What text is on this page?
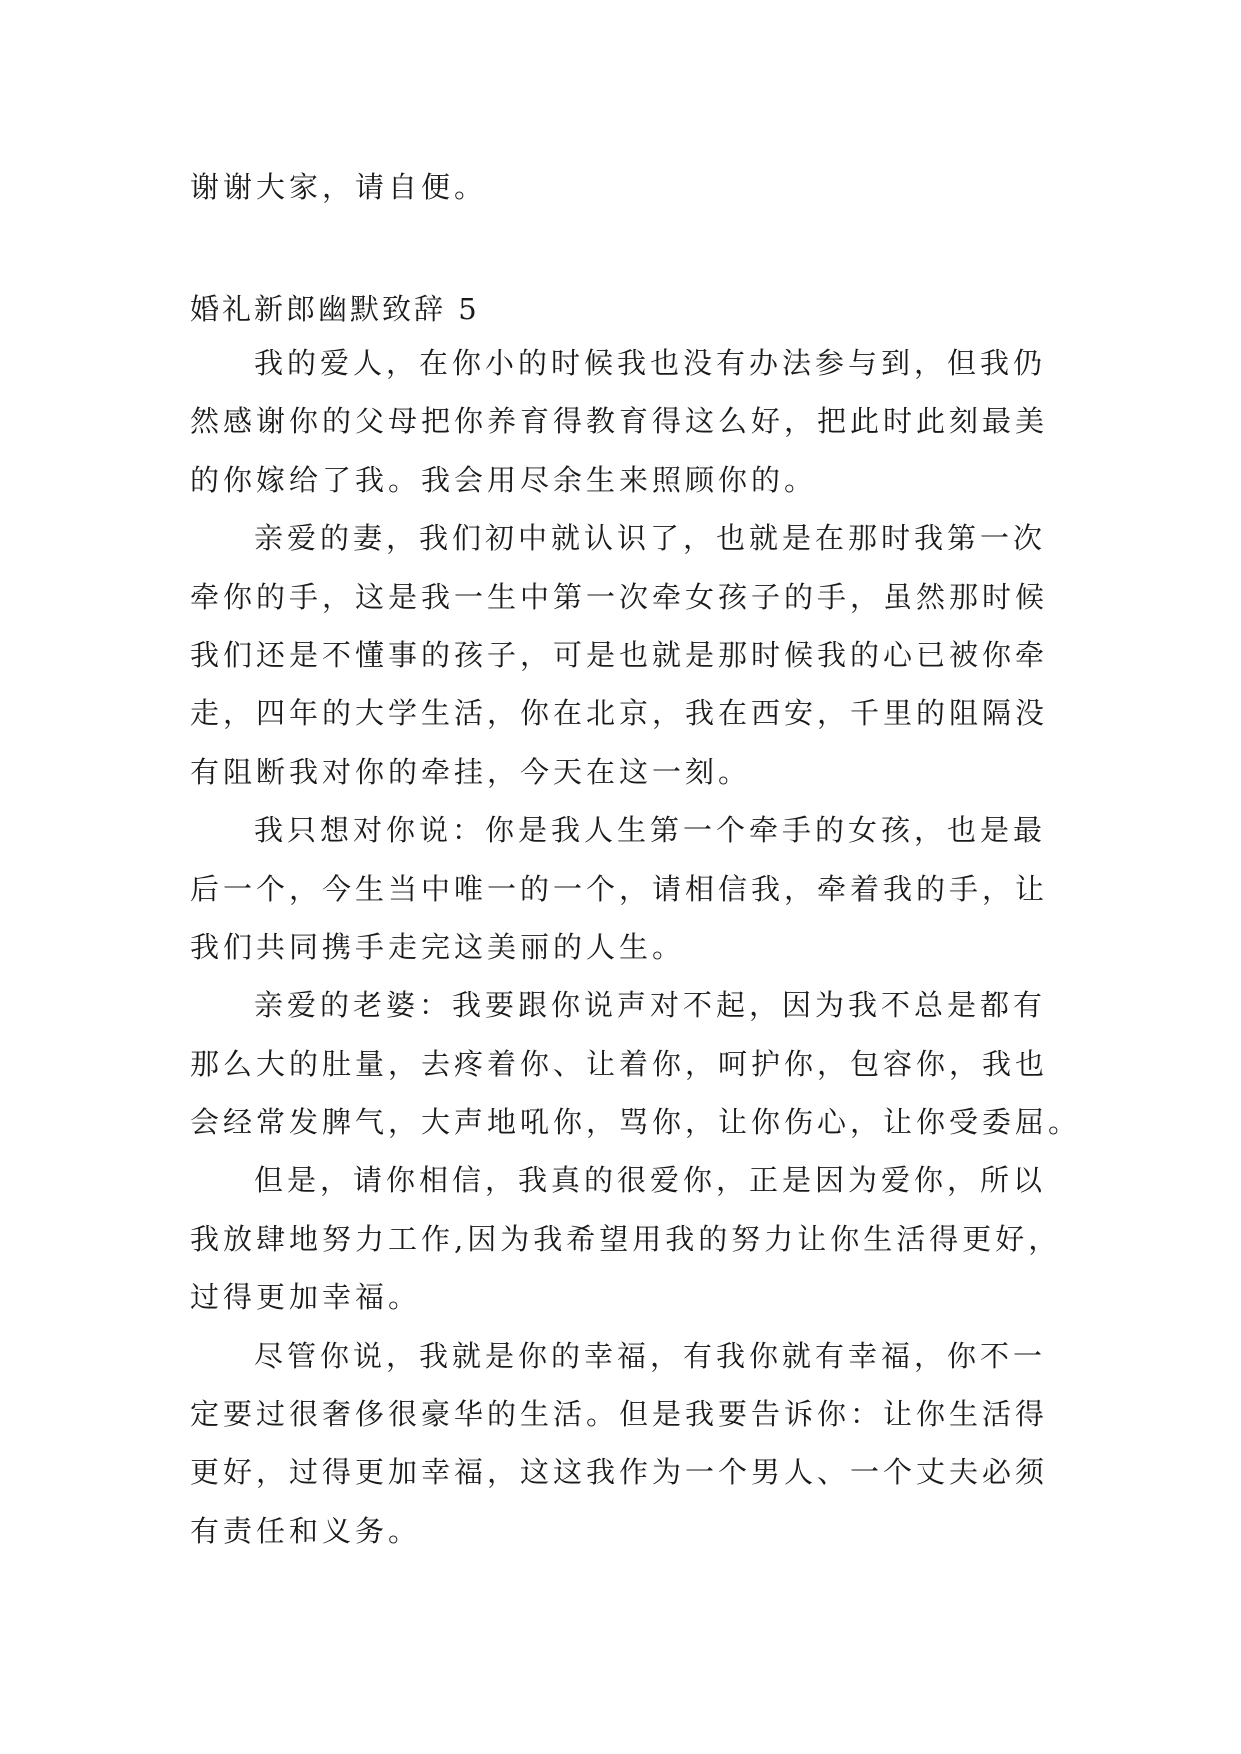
谢谢大家，请自便。
婚礼新郎幽默致辞 5
我的爱人，在你小的时候我也没有办法参与到，但我仍
然感谢你的父母把你养育得教育得这么好，把此时此刻最美
的你嫁给了我。我会用尽余生来照顾你的。
亲爱的妻，我们初中就认识了，也就是在那时我第一次
牵你的手，这是我一生中第一次牵女孩子的手，虽然那时候
我们还是不懂事的孩子，可是也就是那时候我的心已被你牵
走，四年的大学生活，你在北京，我在西安，千里的阻隔没
有阻断我对你的牵挂，今天在这一刻。
我只想对你说：你是我人生第一个牵手的女孩，也是最
后一个，今生当中唯一的一个，请相信我，牵着我的手，让
我们共同携手走完这美丽的人生。
亲爱的老婆：我要跟你说声对不起，因为我不总是都有
那么大的肚量，去疼着你、让着你，呵护你，包容你，我也
会经常发脾气，大声地吼你，骂你，让你伤心，让你受委屈。
但是，请你相信，我真的很爱你，正是因为爱你，所以
我放肆地努力工作,因为我希望用我的努力让你生活得更好，
过得更加幸福。
尽管你说，我就是你的幸福，有我你就有幸福，你不一
定要过很奢侈很豪华的生活。但是我要告诉你：让你生活得
更好，过得更加幸福，这这我作为一个男人、一个丈夫必须
有责任和义务。
